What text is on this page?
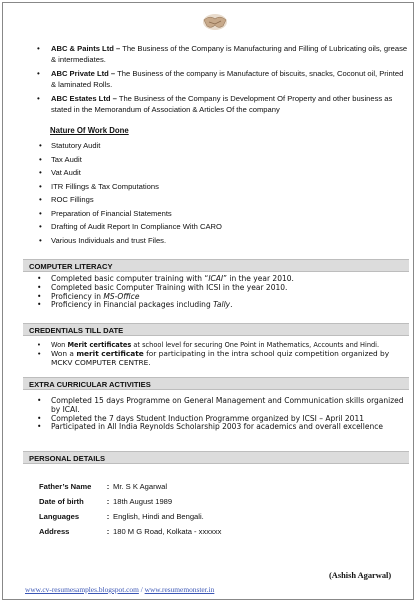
• ABC & Paints Ltd – The Business of the Company is Manufacturing and Filling of Lubricating oils, grease & intermediates.
• ABC Private Ltd – The Business of the company is Manufacture of biscuits, snacks, Coconut oil, Printed & laminated Rolls.
• ABC Estates Ltd – The Business of the Company is Development Of Property and other business as stated in the Memorandum of Association & Articles Of the company
Nature Of Work Done
• Statutory Audit
• Tax Audit
• Vat Audit
• ITR Fillings & Tax Computations
• ROC Fillings
• Preparation of Financial Statements
• Drafting of Audit Report In Compliance With CARO
• Various Individuals and trust Files.
COMPUTER LITERACY
• Completed basic computer training with “ICAI” in the year 2010.
• Completed basic Computer Training with ICSI in the year 2010.
• Proficiency in MS-Office
• Proficiency in Financial packages including Tally.
CREDENTIALS TILL DATE
• Won Merit certificates at school level for securing One Point in Mathematics, Accounts and Hindi.
• Won a merit certificate for participating in the intra school quiz competition organized by MCKV COMPUTER CENTRE.
EXTRA CURRICULAR ACTIVITIES
• Completed 15 days Programme on General Management and Communication skills organized by ICAI.
• Completed the 7 days Student Induction Programme organized by ICSI – April 2011
• Participated in All India Reynolds Scholarship 2003 for academics and overall excellence
PERSONAL DETAILS
Father’s Name : Mr. S K Agarwal
Date of birth	: 18th August 1989
Languages	: English, Hindi and Bengali.
Address	: 180 M G Road, Kolkata - xxxxxx
(Ashish Agarwal)
www.cv-resumesamples.blogspot.com / www.resumemonster.in
